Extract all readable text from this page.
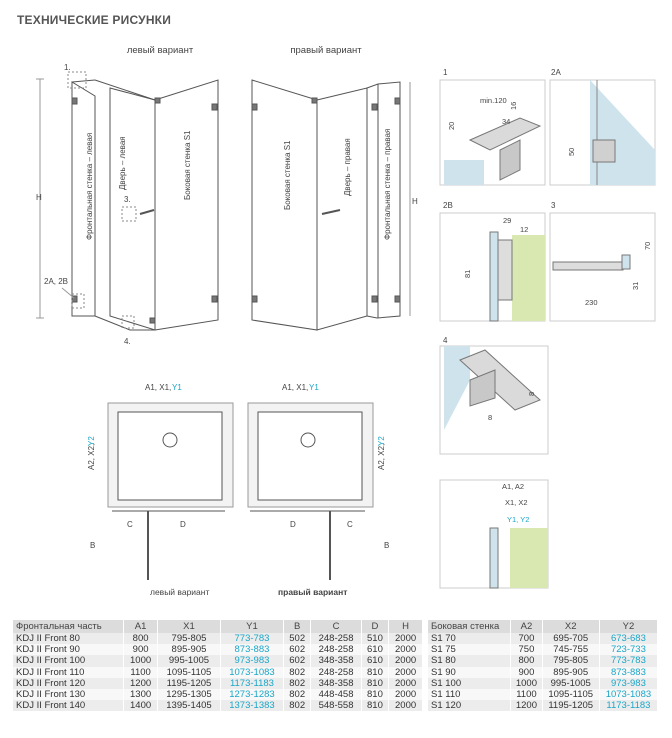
ТЕХНИЧЕСКИЕ РИСУНКИ
левый вариант
H	Фронтальная стенка – левая	Дверь – левая	Боковая стенка S1
1.
3.
2A, 2B
4.
правый вариант
H
Боковая стенка S1	Дверь – правая	Фронтальная стенка – правая
1
min.120
34
16
20
2A
50
2B
29
12
81
3
70
31
230
4
8
8
A1, A2
X1, X2
Y1, Y2
A1, X1, Y1
C	D
A2, X2,
Y2
B
левый вариант
A1, X1, Y1
D	C
A2, X2,
Y2
B
правый вариант
Фронтальная часть	A1	X1	Y1	B	C	D	H
KDJ II Front 80	800	795-805	773-783	502	248-258	510	2000
KDJ II Front 90	900	895-905	873-883	602	248-258	610	2000
KDJ II Front 100	1000	995-1005	973-983	602	348-358	610	2000
KDJ II Front 110	1100	1095-1105	1073-1083	802	248-258	810	2000
KDJ II Front 120	1200	1195-1205	1173-1183	802	348-358	810	2000
KDJ II Front 130	1300	1295-1305	1273-1283	802	448-458	810	2000
KDJ II Front 140	1400	1395-1405	1373-1383	802	548-558	810	2000
Боковая стенка	A2	X2	Y2
S1 70	700	695-705	673-683
S1 75	750	745-755	723-733
S1 80	800	795-805	773-783
S1 90	900	895-905	873-883
S1 100	1000	995-1005	973-983
S1 110	1100	1095-1105	1073-1083
S1 120	1200	1195-1205	1173-1183
